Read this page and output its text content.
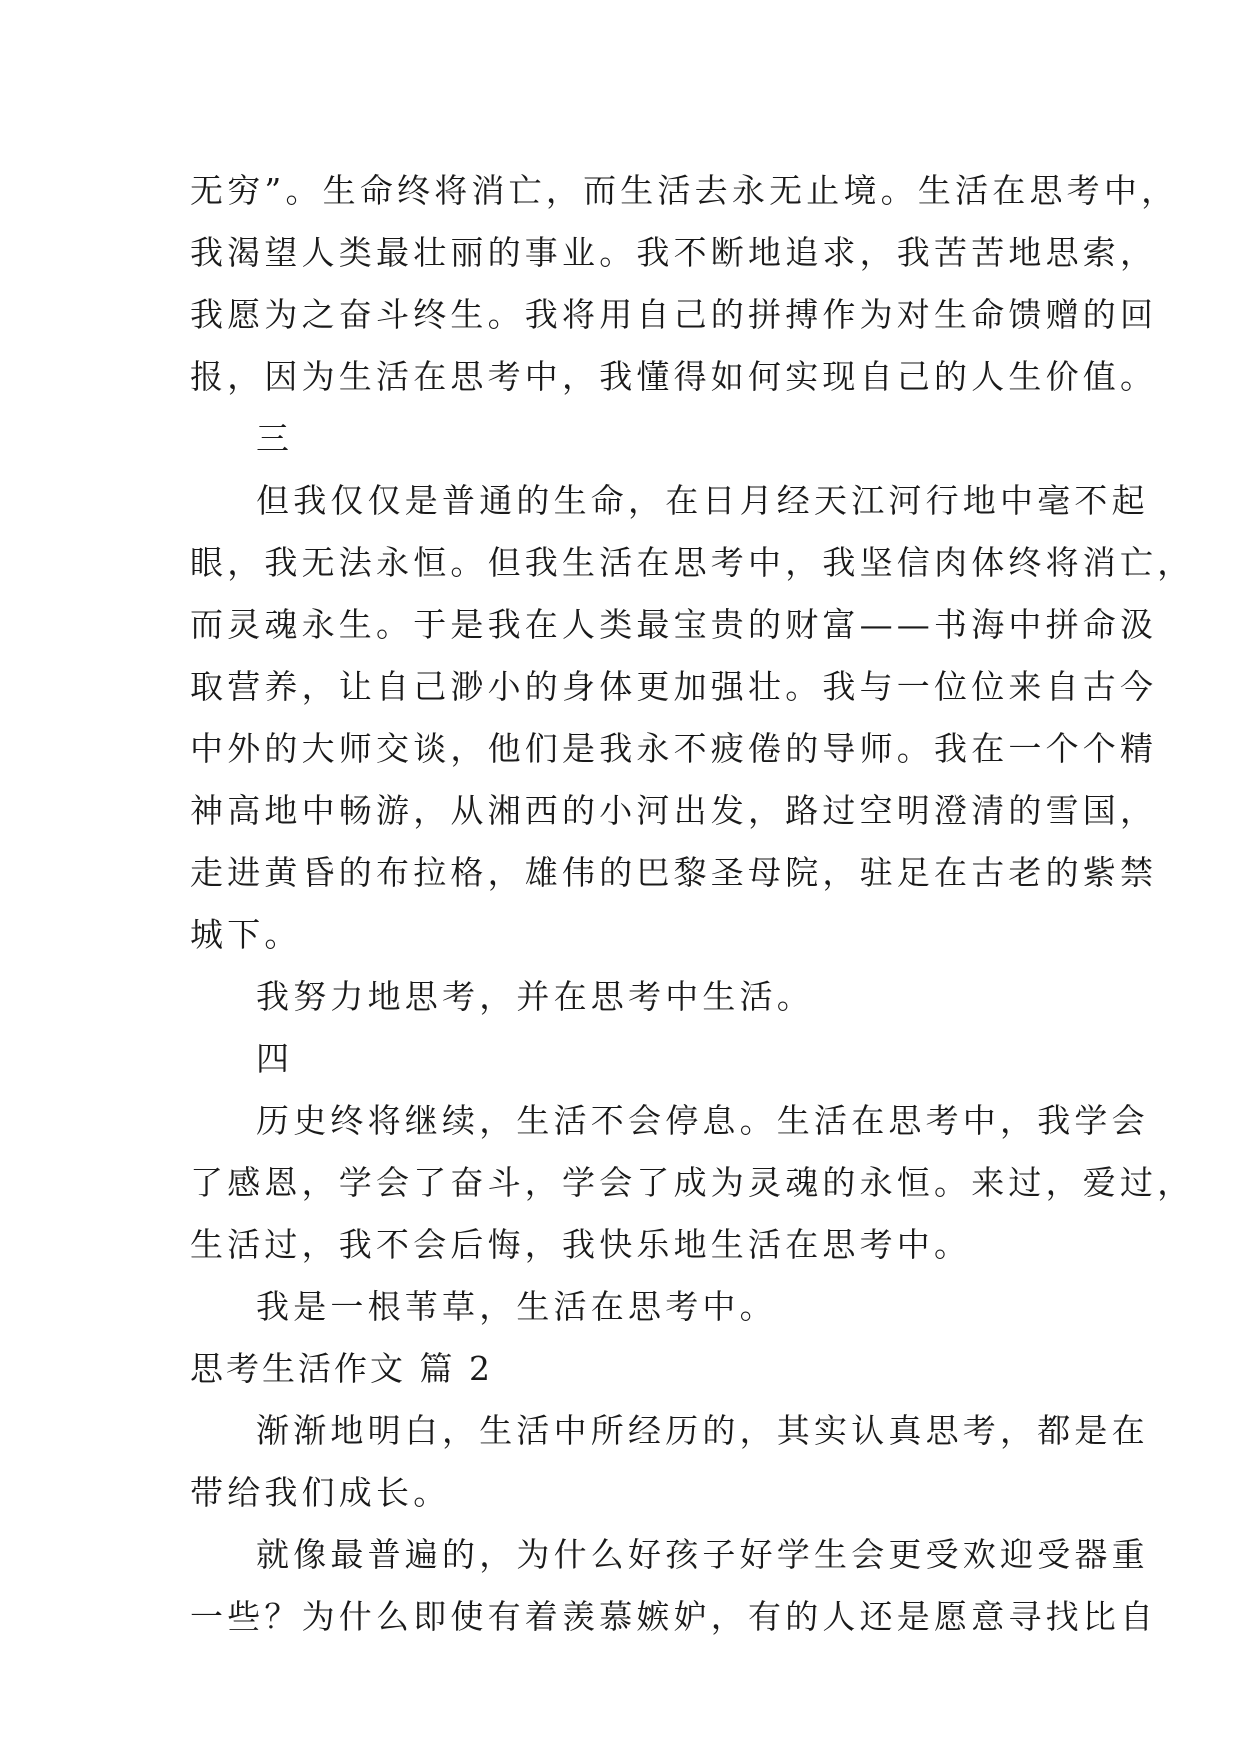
无穷”。生命终将消亡，而生活去永无止境。生活在思考中，
我渴望人类最壮丽的事业。我不断地追求，我苦苦地思索，
我愿为之奋斗终生。我将用自己的拼搏作为对生命馈赠的回
报，因为生活在思考中，我懂得如何实现自己的人生价值。
三
但我仅仅是普通的生命，在日月经天江河行地中毫不起
眼，我无法永恒。但我生活在思考中，我坚信肉体终将消亡，
而灵魂永生。于是我在人类最宝贵的财富——书海中拼命汲
取营养，让自己渺小的身体更加强壮。我与一位位来自古今
中外的大师交谈，他们是我永不疲倦的导师。我在一个个精
神高地中畅游，从湘西的小河出发，路过空明澄清的雪国，
走进黄昏的布拉格，雄伟的巴黎圣母院，驻足在古老的紫禁
城下。
我努力地思考，并在思考中生活。
四
历史终将继续，生活不会停息。生活在思考中，我学会
了感恩，学会了奋斗，学会了成为灵魂的永恒。来过，爱过，
生活过，我不会后悔，我快乐地生活在思考中。
我是一根苇草，生活在思考中。
思考生活作文 篇 2
渐渐地明白，生活中所经历的，其实认真思考，都是在
带给我们成长。
就像最普遍的，为什么好孩子好学生会更受欢迎受器重
一些？为什么即使有着羡慕嫉妒，有的人还是愿意寻找比自
